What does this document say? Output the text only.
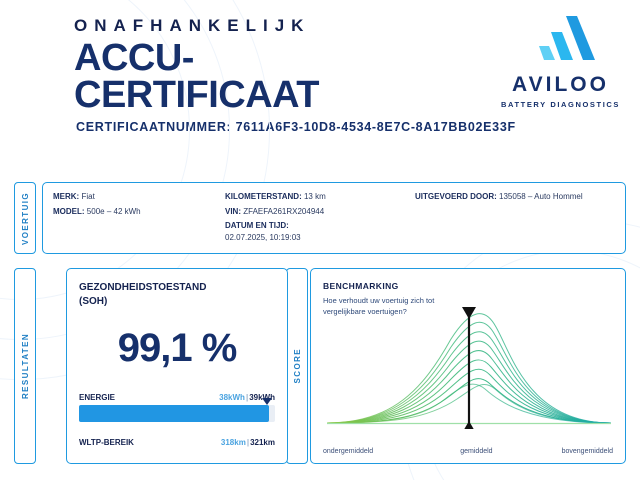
ONAFHANKELIJK
ACCU-
CERTIFICAAT	AVILOO
BATTERY DIAGNOSTICS
CERTIFICAATNUMMER: 7611A6F3-10D8-4534-8E7C-8A17BB02E33F
VOERTUIG
RESULTATEN	SCORE
MERK: Fiat
MODEL: 500e – 42 kWh
KILOMETERSTAND: 13 km
VIN: ZFAEFA261RX204944
DATUM EN TIJD:
02.07.2025, 10:19:03
UITGEVOERD DOOR: 135058 – Auto Hommel
GEZONDHEIDSTOESTAND
(SOH)
99,1 %
ENERGIE	38kWh|39kWh
WLTP-BEREIK	318km|321km
BENCHMARKING
Hoe verhoudt uw voertuig zich tot vergelijkbare voertuigen?
ondergemiddeld	gemiddeld	bovengemiddeld
